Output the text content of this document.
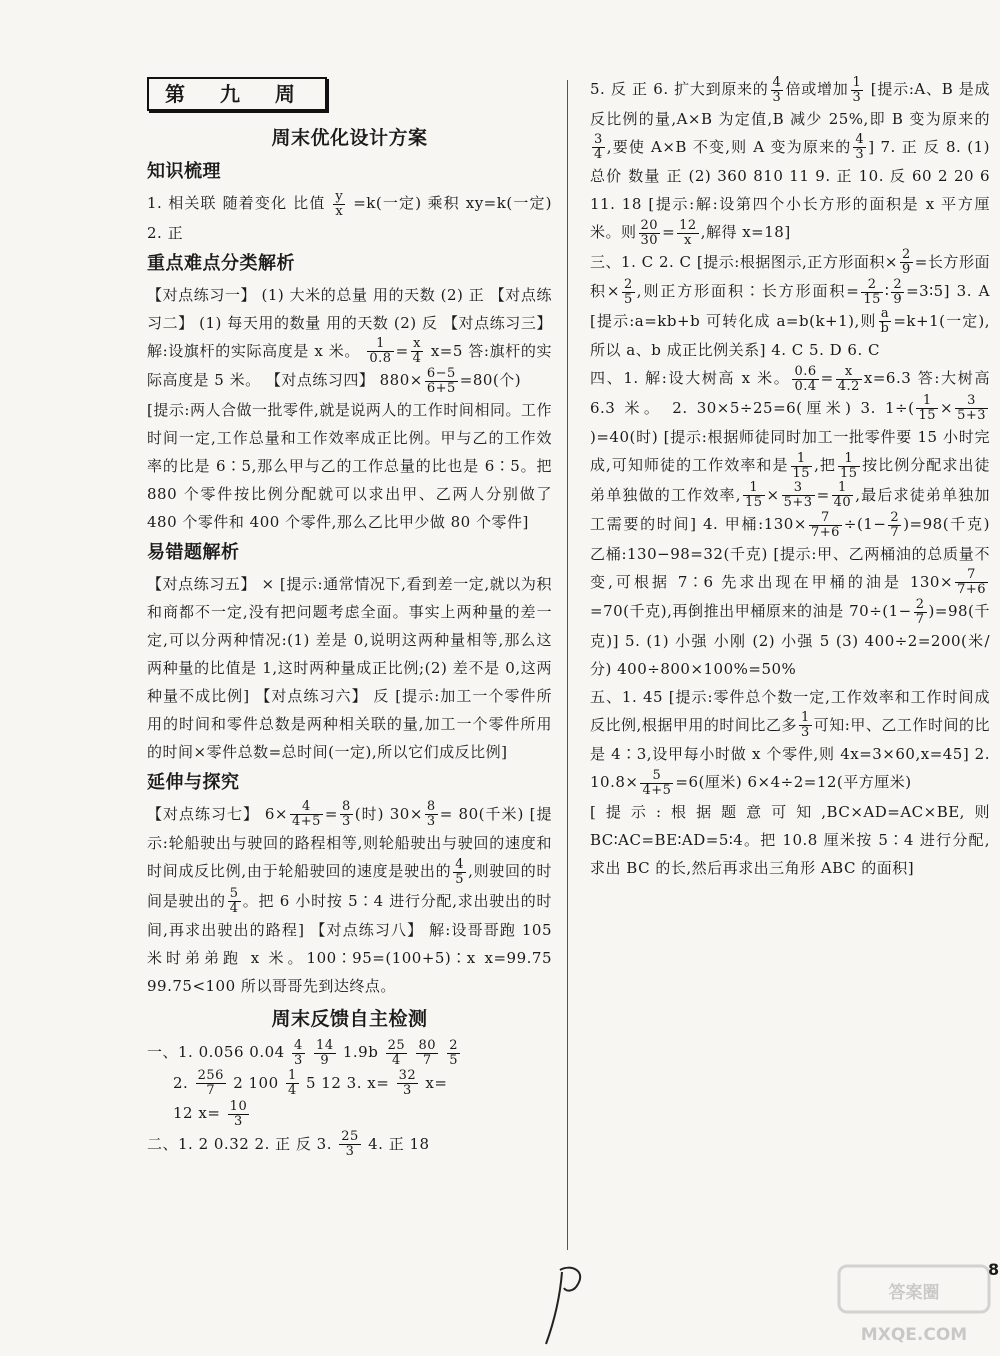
第 九 周
周末优化设计方案
知识梳理

1. 相关联 随着变化 比值 $\frac{y}{x} =k$(一定) 乘积 xy=k(一定) 2. 正

重点难点分类解析

【对点练习一】 (1) 大米的总量 用的天数 (2) 正 【对点练习二】 (1) 每天用的数量 用的天数 (2) 反 【对点练习三】 解:设旗杆的实际高度是 x 米。 $\frac{1}{0.8} = \frac{x}{4} x=5$ 答:旗杆的实际高度是 5 米。 【对点练习四】 $880\times \frac{6-5}{6+5} =80$(个)

[提示:两人合做一批零件,就是说两人的工作时间相同。工作时间一定,工作总量和工作效率成正比例。甲与乙的工作效率的比是 6∶5,那么甲与乙的工作总量的比也是 6∶5。把 880 个零件按比例分配就可以求出甲、乙两人分别做了 480 个零件和 400 个零件,那么乙比甲少做 80 个零件]

易错题解析

【对点练习五】 × [提示:通常情况下,看到差一定,就以为积和商都不一定,没有把问题考虑全面。事实上两种量的差一定,可以分两种情况:(1) 差是 0,说明这两种量相等,那么这两种量的比值是 1,这时两种量成正比例;(2) 差不是 0,这两种量不成比例] 【对点练习六】 反 [提示:加工一个零件所用的时间和零件总数是两种相关联的量,加工一个零件所用的时间×零件总数=总时间(一定),所以它们成反比例]

延伸与探究

【对点练习七】 $6\times \frac{4}{4+5} = \frac{8}{3}$ (时) $30\times \frac{8}{3} = 80$(千米) [提示:轮船驶出与驶回的路程相等,则轮船驶出与驶回的速度和时间成反比例,由于轮船驶回的速度是驶出的 $\frac{4}{5}$ ,则驶回的时间是驶出的 $\frac{5}{4}$ 。把 6 小时按 5∶4 进行分配,求出驶出的时间,再求出驶出的路程] 【对点练习八】 解:设哥哥跑 105 米时弟弟跑 x 米。100∶95=(100+5)∶x x=99.75 99.75<100 所以哥哥先到达终点。

周末反馈自主检测

一、1. 0.056 $0.04 \frac{4}{3}$
$\frac{14}{9} 1.9b \frac{25}{4}$
$\frac{80}{7}$
$\frac{2}{5}$

2. $\frac{256}{7} 2$ $100 \frac{1}{4} 5$ 12 3. $x= \frac{32}{3} x=$

12 $x= \frac{10}{3}$

二、1. 2 0.32 2. 正 反 3. $\frac{25}{3} 4$. 正 18

5. 反 正 6. 扩大到原来的 $\frac{4}{3}$ 倍或增加 $\frac{1}{3}$ [提示:A、B 是成反比例的量,A×B 为定值,B 减少 25%,即 B 变为原来的
$\frac{3}{4}$ ,要使 A×B 不变,则 A 变为原来的 $\frac{4}{3}$ ] 7. 正 反 8. (1) 总价 数量 正 (2) 360 810 11 9. 正 10. 反 60 2 20 6 11. 18 [提示:解:设第四个小长方形的面积是 x 平方厘米。则 $\frac{20}{30} = \frac{12}{x}$ ,解得 x=18]

三、1. C 2. C [提示:根据图示,正方形面积× $\frac{2}{9}$ =长方形面积× $\frac{2}{5}$ ,则正方形面积∶长方形面积= $\frac{2}{15}$ ∶ $\frac{2}{9}$ =3∶5] 3. A [提示:a=kb+b 可转化成 a=b(k+1),则 $\frac{a}{b} =k+1$(一定),所以 a、b 成正比例关系] 4. C 5. D 6. C

四、1. 解:设大树高 x 米。 $\frac{0.6}{0.4} = \frac{x}{4.2} x=6.3$ 答:大树高 6.3 米。 2. 30×5÷25=6(厘米) 3. $1\div( \frac{1}{15} \times \frac{3}{5+3}$
)=40(时) [提示:根据师徒同时加工一批零件要 15 小时完成,可知师徒的工作效率和是 $\frac{1}{15}$ ,把 $\frac{1}{15}$ 按比例分配求出徒弟单独做的工作效率, $\frac{1}{15} \times \frac{3}{5+3} = \frac{1}{40}$ ,最后求徒弟单独加工需要的时间] 4. 甲桶:130× $\frac{7}{7+6} \div(1- \frac{2}{7} )=98$(千克) 乙桶:130−98=32(千克) [提示:甲、乙两桶油的总质量不变,可根据 7∶6 先求出现在甲桶的油是 $130\times \frac{7}{7+6}$
=70(千克),再倒推出甲桶原来的油是 $70\div(1- \frac{2}{7} )=98$(千克)] 5. (1) 小强 小刚 (2) 小强 5 (3) 400÷2=200(米/分) 400÷800×100%=50%

五、1. 45 [提示:零件总个数一定,工作效率和工作时间成反比例,根据甲用的时间比乙多 $\frac{1}{3}$ 可知:甲、乙工作时间的比是 4∶3,设甲每小时做 x 个零件,则 4x=3×60,x=45] 2. $10.8\times \frac{5}{4+5} =6$(厘米) 6×4÷2=12(平方厘米)

[提示:根据题意可知,BC×AD=AC×BE,则 BC∶AC=BE∶AD=5∶4。把 10.8 厘米按 5∶4 进行分配,求出 BC 的长,然后再求出三角形 ABC 的面积]

8
答案圈
MXQE.COM
